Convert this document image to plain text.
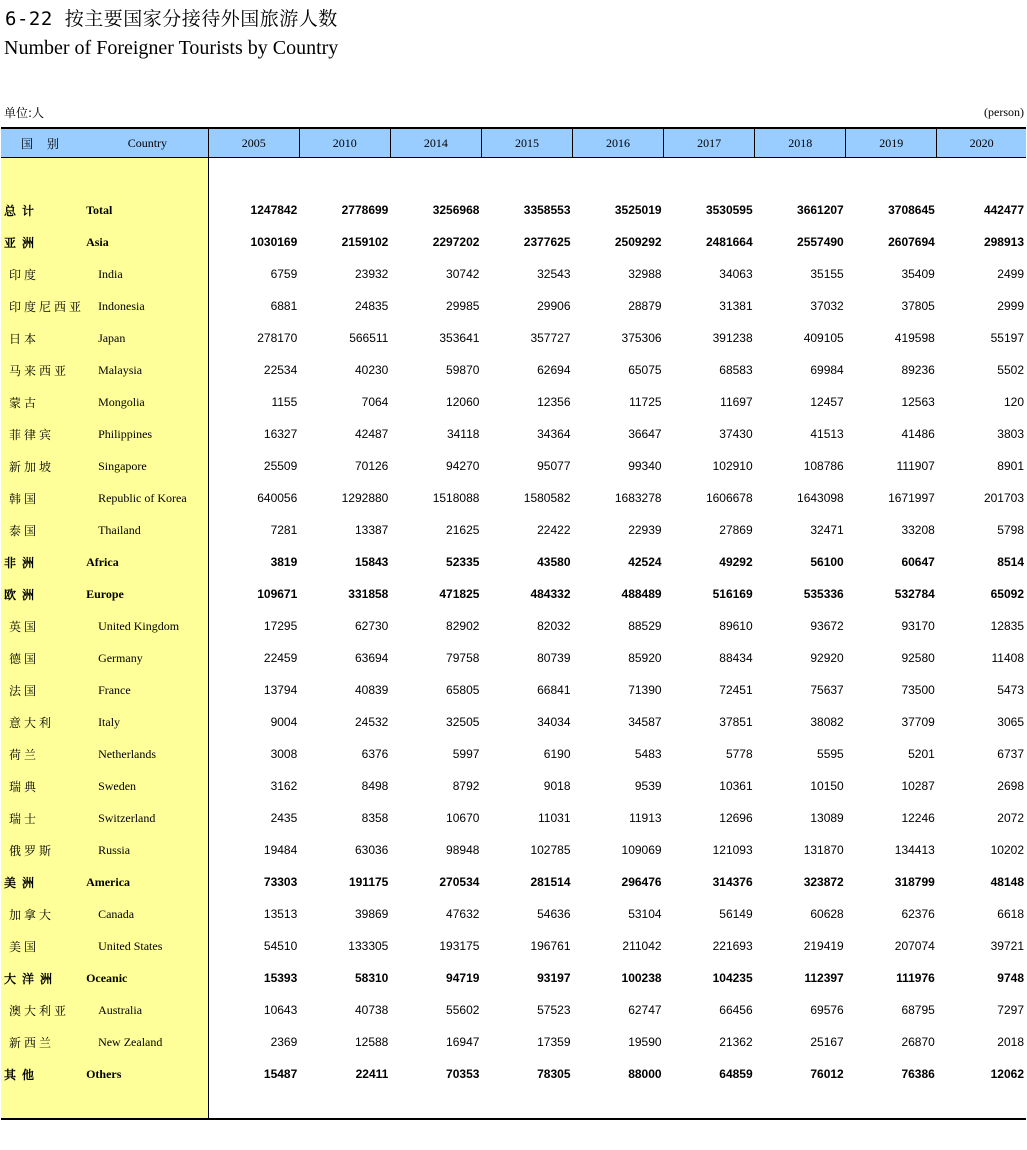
6-22 按主要国家分接待外国旅游人数
Number of Foreigner Tourists by Country
单位:人	(person)
国别	Country	2005	2010	2014	2015	2016	2017	2018	2019	2020

总计	Total	1247842	2778699	3256968	3358553	3525019	3530595	3661207	3708645	442477
亚洲	Asia	1030169	2159102	2297202	2377625	2509292	2481664	2557490	2607694	298913
印度	India	6759	23932	30742	32543	32988	34063	35155	35409	2499
印度尼西亚	Indonesia	6881	24835	29985	29906	28879	31381	37032	37805	2999
日本	Japan	278170	566511	353641	357727	375306	391238	409105	419598	55197
马来西亚	Malaysia	22534	40230	59870	62694	65075	68583	69984	89236	5502
蒙古	Mongolia	1155	7064	12060	12356	11725	11697	12457	12563	120
菲律宾	Philippines	16327	42487	34118	34364	36647	37430	41513	41486	3803
新加坡	Singapore	25509	70126	94270	95077	99340	102910	108786	111907	8901
韩国	Republic of Korea	640056	1292880	1518088	1580582	1683278	1606678	1643098	1671997	201703
泰国	Thailand	7281	13387	21625	22422	22939	27869	32471	33208	5798
非洲	Africa	3819	15843	52335	43580	42524	49292	56100	60647	8514
欧洲	Europe	109671	331858	471825	484332	488489	516169	535336	532784	65092
英国	United Kingdom	17295	62730	82902	82032	88529	89610	93672	93170	12835
德国	Germany	22459	63694	79758	80739	85920	88434	92920	92580	11408
法国	France	13794	40839	65805	66841	71390	72451	75637	73500	5473
意大利	Italy	9004	24532	32505	34034	34587	37851	38082	37709	3065
荷兰	Netherlands	3008	6376	5997	6190	5483	5778	5595	5201	6737
瑞典	Sweden	3162	8498	8792	9018	9539	10361	10150	10287	2698
瑞士	Switzerland	2435	8358	10670	11031	11913	12696	13089	12246	2072
俄罗斯	Russia	19484	63036	98948	102785	109069	121093	131870	134413	10202
美洲	America	73303	191175	270534	281514	296476	314376	323872	318799	48148
加拿大	Canada	13513	39869	47632	54636	53104	56149	60628	62376	6618
美国	United States	54510	133305	193175	196761	211042	221693	219419	207074	39721
大洋洲	Oceanic	15393	58310	94719	93197	100238	104235	112397	111976	9748
澳大利亚	Australia	10643	40738	55602	57523	62747	66456	69576	68795	7297
新西兰	New Zealand	2369	12588	16947	17359	19590	21362	25167	26870	2018
其他	Others	15487	22411	70353	78305	88000	64859	76012	76386	12062
